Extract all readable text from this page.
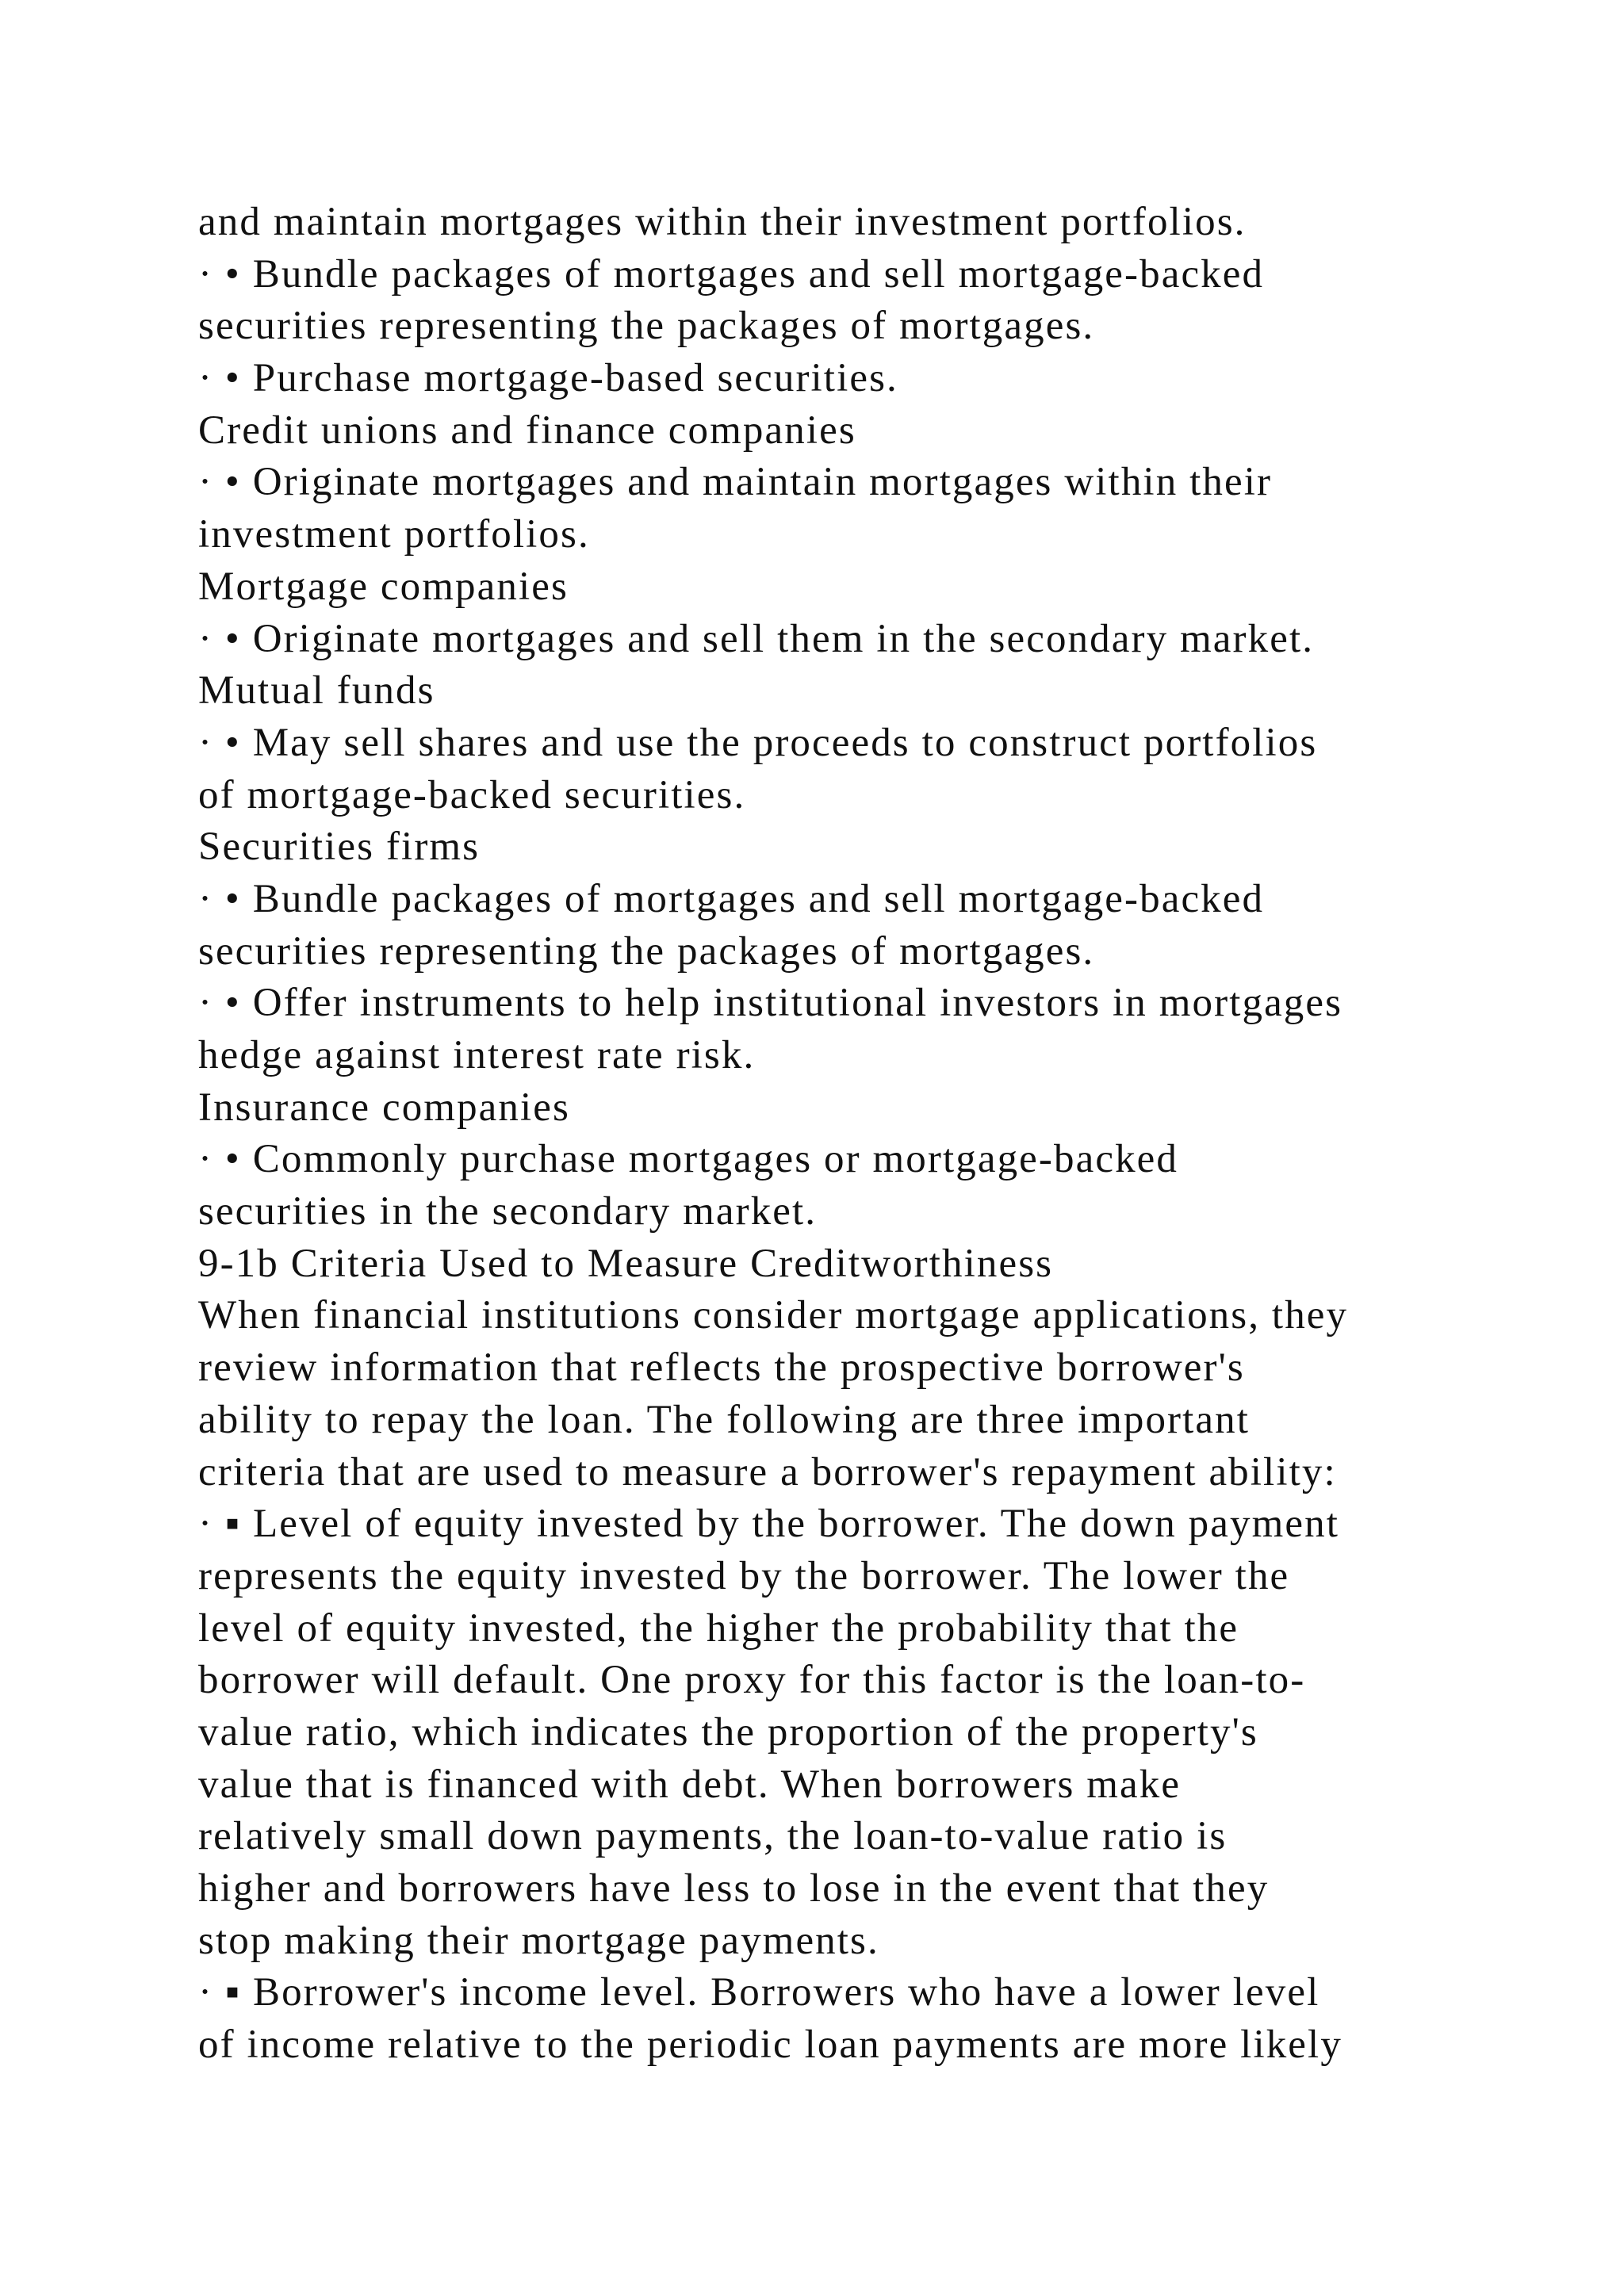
and maintain mortgages within their investment portfolios.
· • Bundle packages of mortgages and sell mortgage-backed
securities representing the packages of mortgages.
· • Purchase mortgage-based securities.
Credit unions and finance companies
· • Originate mortgages and maintain mortgages within their
investment portfolios.
Mortgage companies
· • Originate mortgages and sell them in the secondary market.
Mutual funds
· • May sell shares and use the proceeds to construct portfolios
of mortgage-backed securities.
Securities firms
· • Bundle packages of mortgages and sell mortgage-backed
securities representing the packages of mortgages.
· • Offer instruments to help institutional investors in mortgages
hedge against interest rate risk.
Insurance companies
· • Commonly purchase mortgages or mortgage-backed
securities in the secondary market.
9-1b Criteria Used to Measure Creditworthiness
When financial institutions consider mortgage applications, they
review information that reflects the prospective borrower's
ability to repay the loan. The following are three important
criteria that are used to measure a borrower's repayment ability:
· ▪ Level of equity invested by the borrower. The down payment
represents the equity invested by the borrower. The lower the
level of equity invested, the higher the probability that the
borrower will default. One proxy for this factor is the loan-to-
value ratio, which indicates the proportion of the property's
value that is financed with debt. When borrowers make
relatively small down payments, the loan-to-value ratio is
higher and borrowers have less to lose in the event that they
stop making their mortgage payments.
· ▪ Borrower's income level. Borrowers who have a lower level
of income relative to the periodic loan payments are more likely
